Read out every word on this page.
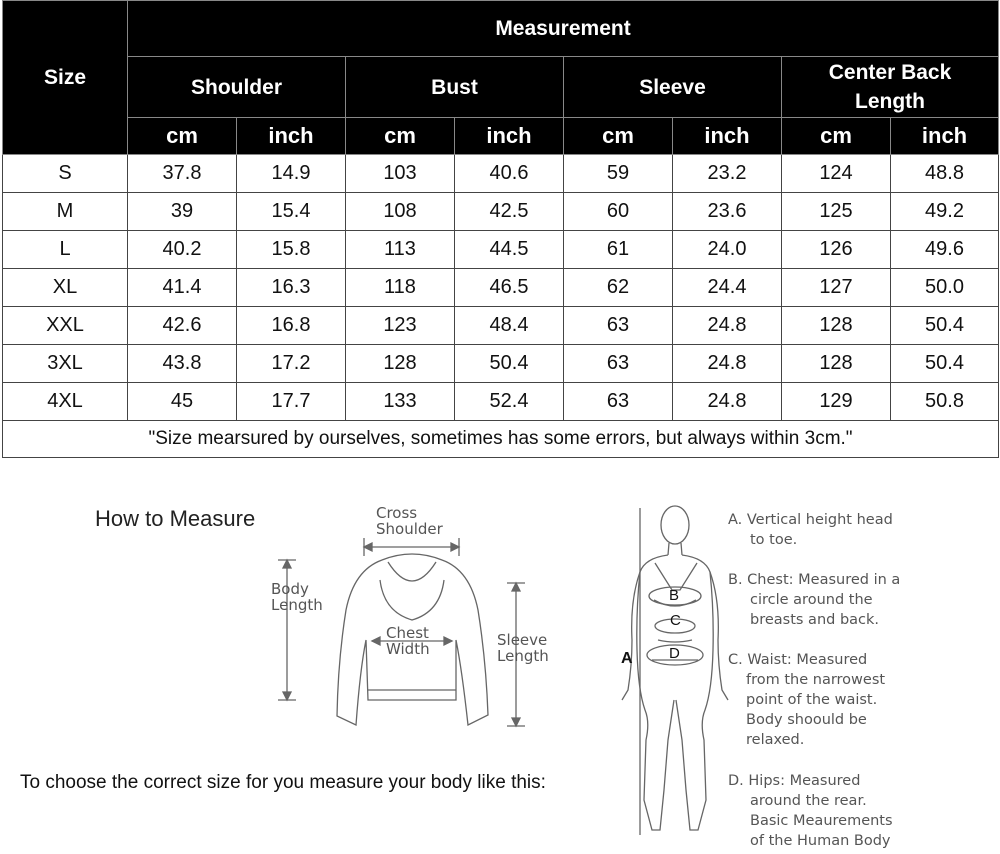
Size	Measurement							
	Shoulder		Bust		Sleeve		Center Back Length	
	cm	inch	cm	inch	cm	inch	cm	inch
S	37.8	14.9	103	40.6	59	23.2	124	48.8
M	39	15.4	108	42.5	60	23.6	125	49.2
L	40.2	15.8	113	44.5	61	24.0	126	49.6
XL	41.4	16.3	118	46.5	62	24.4	127	50.0
XXL	42.6	16.8	123	48.4	63	24.8	128	50.4
3XL	43.8	17.2	128	50.4	63	24.8	128	50.4
4XL	45	17.7	133	52.4	63	24.8	129	50.8
"Size mearsured by ourselves, sometimes has some errors, but always within 3cm."								
How to Measure	Cross
Shoulder
Body
Length
Chest
Width	Sleeve
Length
To choose the correct size for you measure your body like this:
A
B
C
D
A. Vertical height head
to toe.
B. Chest: Measured in a
circle around the
breasts and back.
C. Waist: Measured
from the narrowest
point of the waist.
Body shoould be
relaxed.
D. Hips: Measured
around the rear.
Basic Meaurements
of the Human Body
